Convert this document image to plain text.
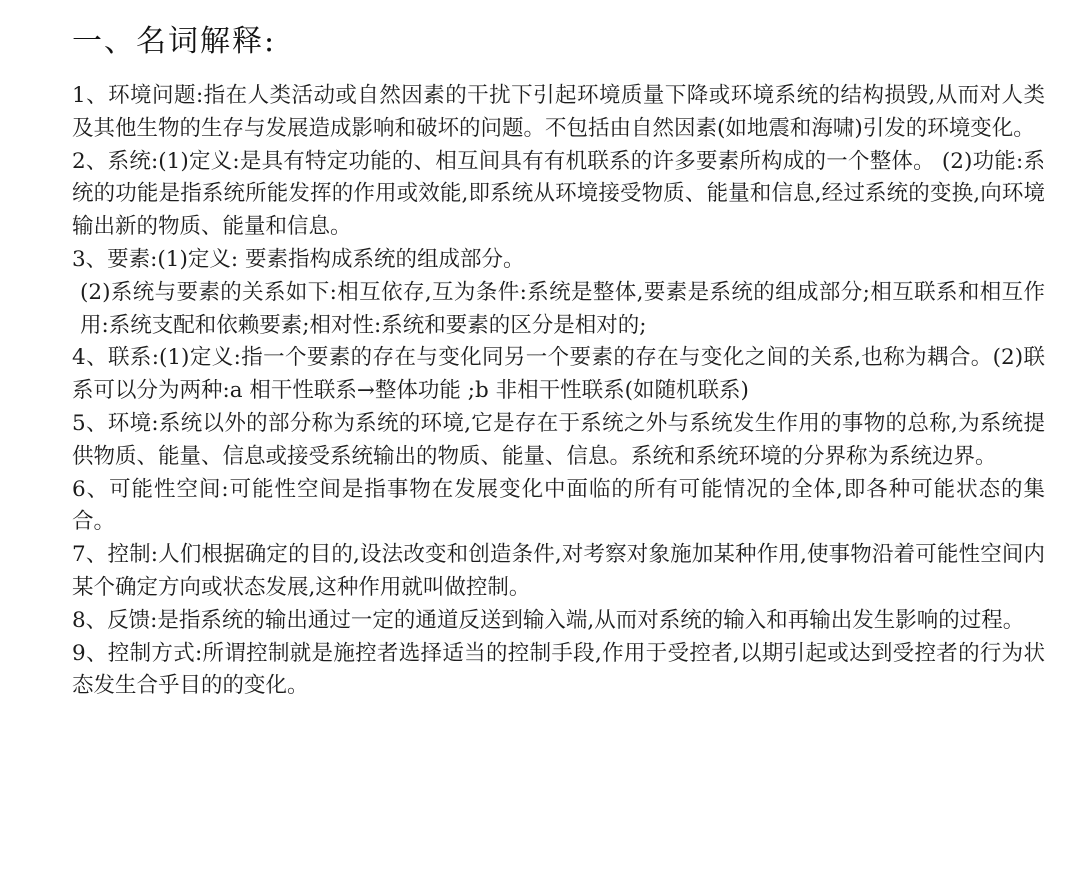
一、名词解释:

1、环境问题:指在人类活动或自然因素的干扰下引起环境质量下降或环境系统的结构损毁,从而对人类及其他生物的生存与发展造成影响和破坏的问题。不包括由自然因素(如地震和海啸)引发的环境变化。

2、系统:(1)定义:是具有特定功能的、相互间具有有机联系的许多要素所构成的一个整体。 (2)功能:系统的功能是指系统所能发挥的作用或效能,即系统从环境接受物质、能量和信息,经过系统的变换,向环境输出新的物质、能量和信息。

3、要素:(1)定义: 要素指构成系统的组成部分。

(2)系统与要素的关系如下:相互依存,互为条件:系统是整体,要素是系统的组成部分;相互联系和相互作用:系统支配和依赖要素;相对性:系统和要素的区分是相对的;

4、联系:(1)定义:指一个要素的存在与变化同另一个要素的存在与变化之间的关系,也称为耦合。(2)联系可以分为两种:a 相干性联系→整体功能 ;b 非相干性联系(如随机联系)

5、环境:系统以外的部分称为系统的环境,它是存在于系统之外与系统发生作用的事物的总称,为系统提供物质、能量、信息或接受系统输出的物质、能量、信息。系统和系统环境的分界称为系统边界。

6、可能性空间:可能性空间是指事物在发展变化中面临的所有可能情况的全体,即各种可能状态的集合。

7、控制:人们根据确定的目的,设法改变和创造条件,对考察对象施加某种作用,使事物沿着可能性空间内某个确定方向或状态发展,这种作用就叫做控制。

8、反馈:是指系统的输出通过一定的通道反送到输入端,从而对系统的输入和再输出发生影响的过程。

9、控制方式:所谓控制就是施控者选择适当的控制手段,作用于受控者,以期引起或达到受控者的行为状态发生合乎目的的变化。
